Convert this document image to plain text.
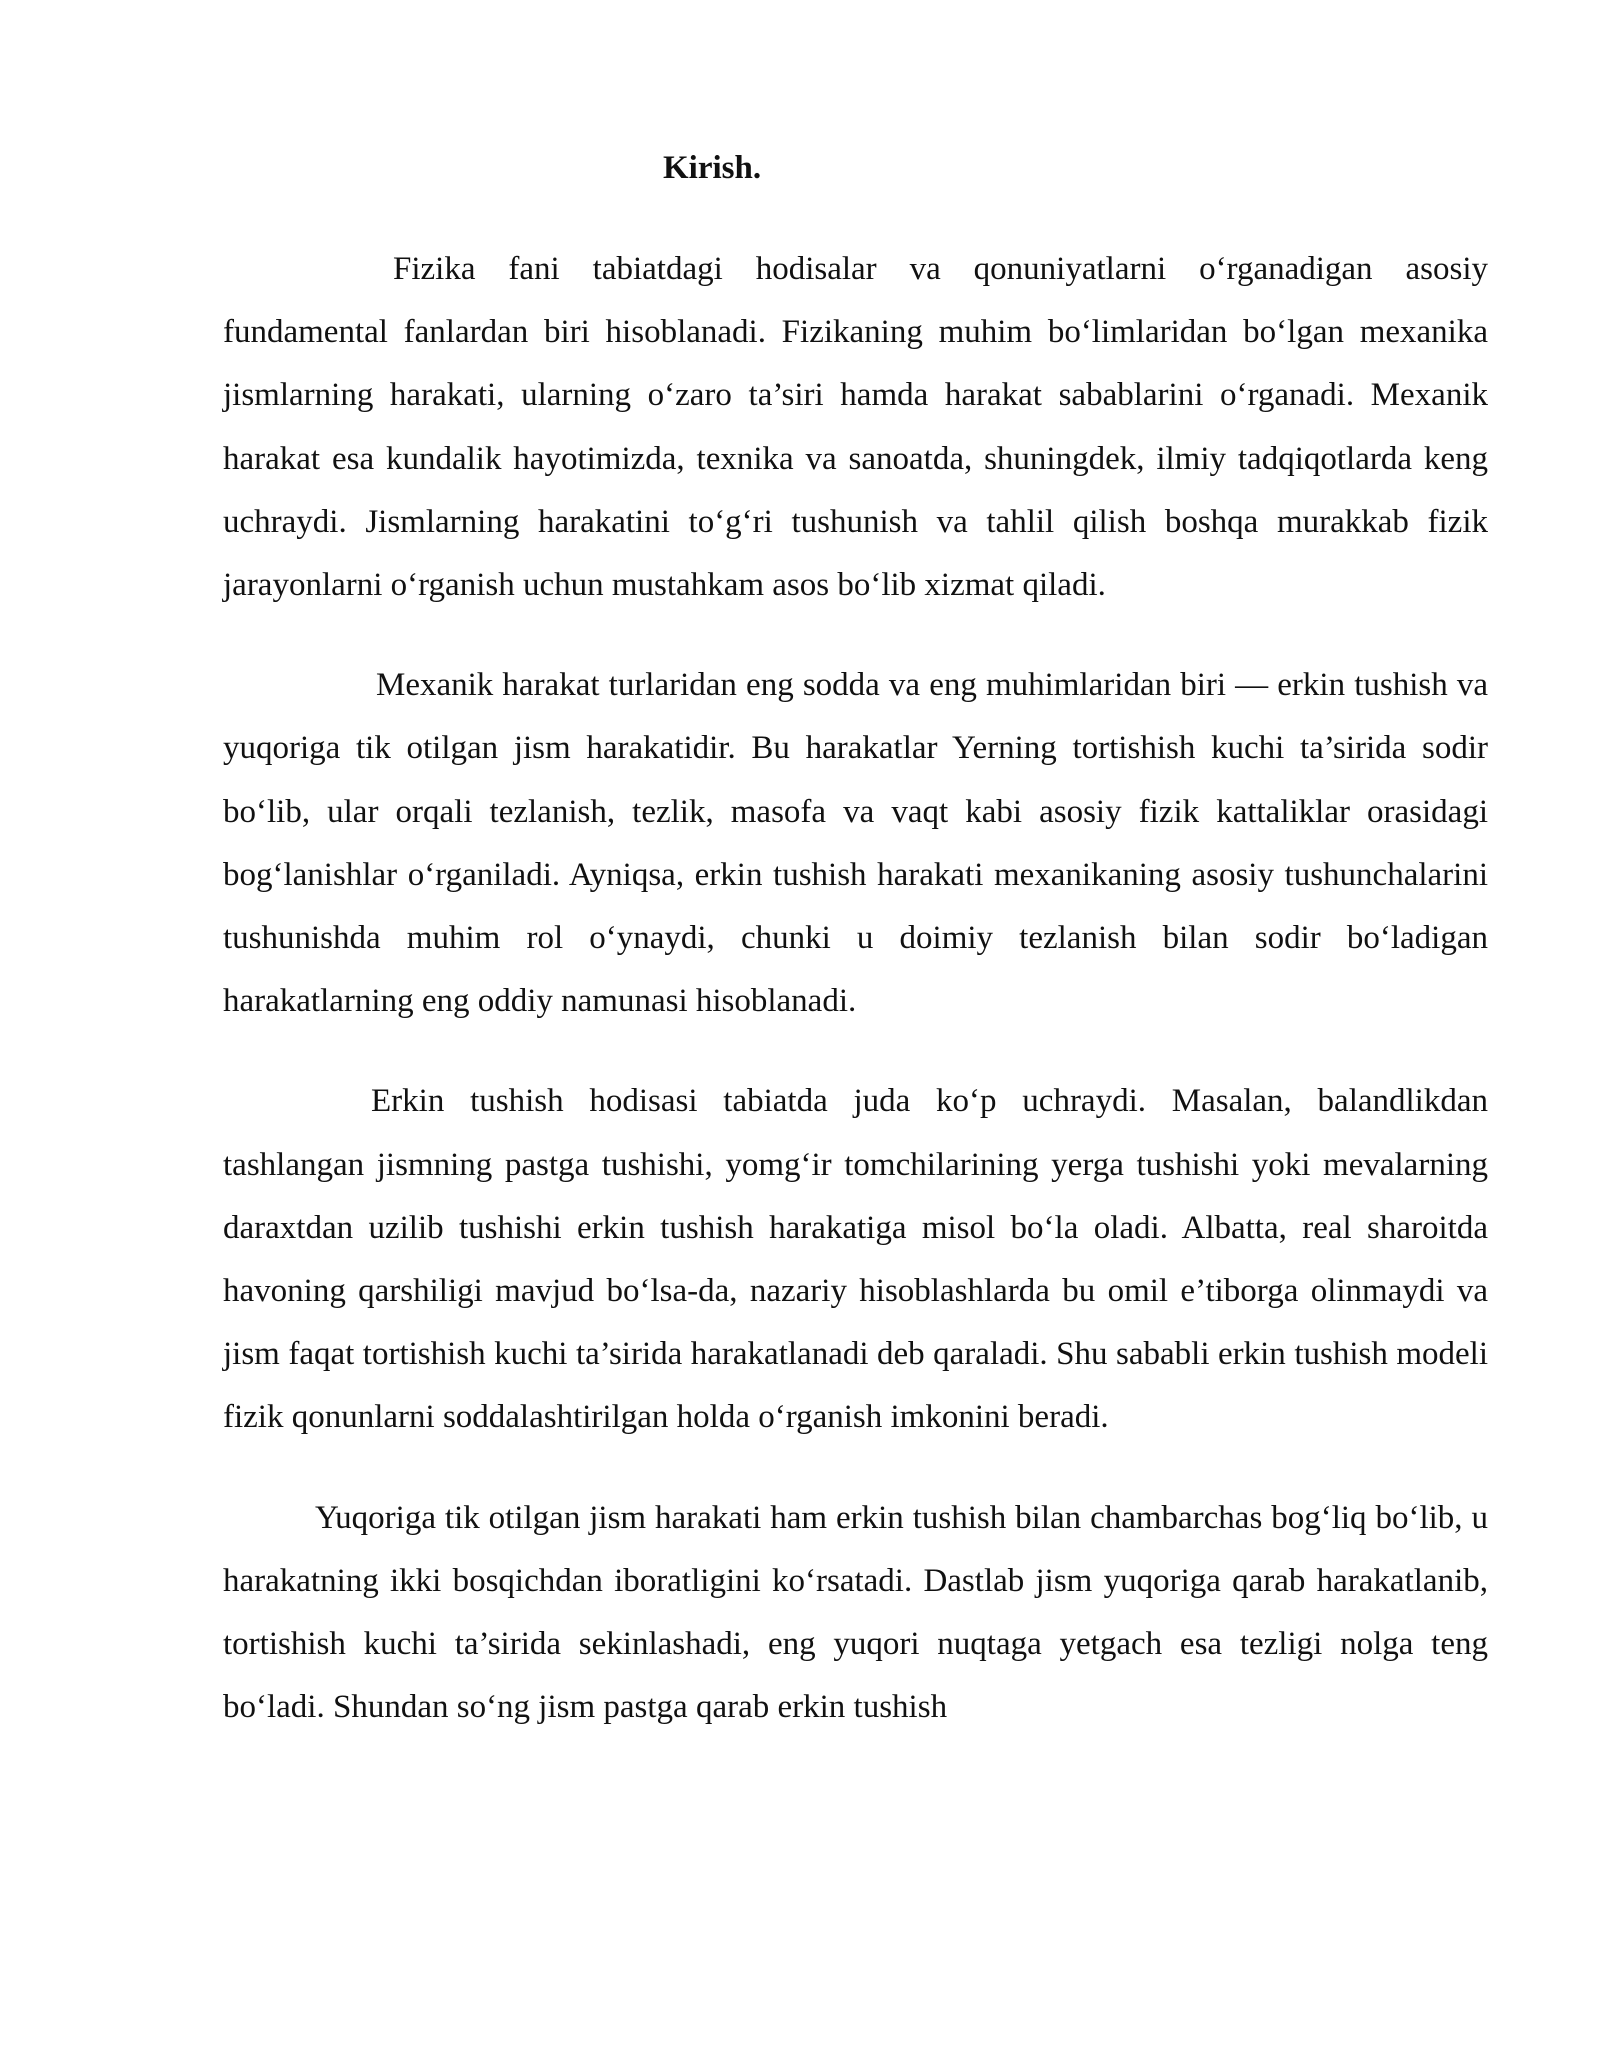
Kirish.

Fizika fani tabiatdagi hodisalar va qonuniyatlarni o‘rganadigan asosiy fundamental fanlardan biri hisoblanadi. Fizikaning muhim bo‘limlaridan bo‘lgan mexanika jismlarning harakati, ularning o‘zaro ta’siri hamda harakat sabablarini o‘rganadi. Mexanik harakat esa kundalik hayotimizda, texnika va sanoatda, shuningdek, ilmiy tadqiqotlarda keng uchraydi. Jismlarning harakatini to‘g‘ri tushunish va tahlil qilish boshqa murakkab fizik jarayonlarni o‘rganish uchun mustahkam asos bo‘lib xizmat qiladi.

Mexanik harakat turlaridan eng sodda va eng muhimlaridan biri — erkin tushish va yuqoriga tik otilgan jism harakatidir. Bu harakatlar Yerning tortishish kuchi ta’sirida sodir bo‘lib, ular orqali tezlanish, tezlik, masofa va vaqt kabi asosiy fizik kattaliklar orasidagi bog‘lanishlar o‘rganiladi. Ayniqsa, erkin tushish harakati mexanikaning asosiy tushunchalarini tushunishda muhim rol o‘ynaydi, chunki u doimiy tezlanish bilan sodir bo‘ladigan harakatlarning eng oddiy namunasi hisoblanadi.

Erkin tushish hodisasi tabiatda juda ko‘p uchraydi. Masalan, balandlikdan tashlangan jismning pastga tushishi, yomg‘ir tomchilarining yerga tushishi yoki mevalarning daraxtdan uzilib tushishi erkin tushish harakatiga misol bo‘la oladi. Albatta, real sharoitda havoning qarshiligi mavjud bo‘lsa-da, nazariy hisoblashlarda bu omil e’tiborga olinmaydi va jism faqat tortishish kuchi ta’sirida harakatlanadi deb qaraladi. Shu sababli erkin tushish modeli fizik qonunlarni soddalashtirilgan holda o‘rganish imkonini beradi.

Yuqoriga tik otilgan jism harakati ham erkin tushish bilan chambarchas bog‘liq bo‘lib, u harakatning ikki bosqichdan iboratligini ko‘rsatadi. Dastlab jism yuqoriga qarab harakatlanib, tortishish kuchi ta’sirida sekinlashadi, eng yuqori nuqtaga yetgach esa tezligi nolga teng bo‘ladi. Shundan so‘ng jism pastga qarab erkin tushish
